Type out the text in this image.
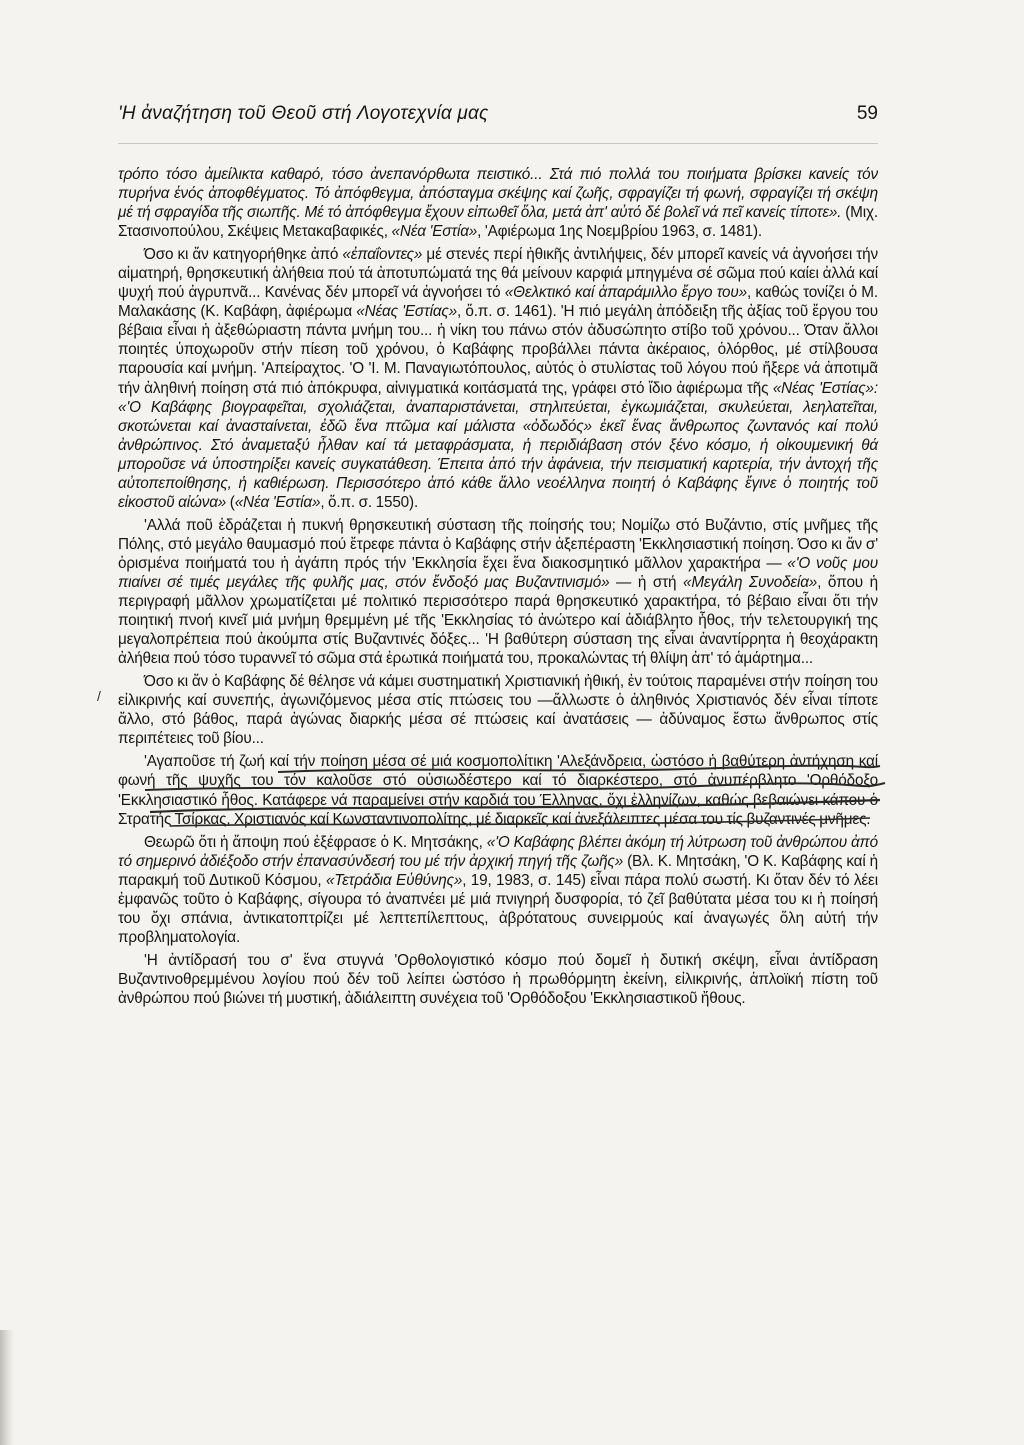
'Η ἀναζήτηση τοῦ Θεοῦ στή Λογοτεχνία μας	59
/

τρόπο τόσο ἀμείλικτα καθαρό, τόσο ἀνεπανόρθωτα πειστικό... Στά πιό πολλά του ποιήματα βρίσκει κανείς τόν πυρήνα ἑνός ἀποφθέγματος. Τό ἀπόφθεγμα, ἀπόσταγμα σκέψης καί ζωῆς, σφραγίζει τή φωνή, σφραγίζει τή σκέψη μέ τή σφραγίδα τῆς σιωπῆς. Μέ τό ἀπόφθεγμα ἔχουν εἰπωθεῖ ὅλα, μετά ἀπ' αὐτό δέ βολεῖ νά πεῖ κανείς τίποτε». (Μιχ. Στασινοπούλου, Σκέψεις Μετακαβαφικές, «Νέα 'Εστία», 'Αφιέρωμα 1ης Νοεμβρίου 1963, σ. 1481).

Όσο κι ἄν κατηγορήθηκε ἀπό «ἐπαΐοντες» μέ στενές περί ἠθικῆς ἀντιλήψεις, δέν μπορεῖ κανείς νά ἀγνοήσει τήν αἱματηρή, θρησκευτική ἀλήθεια πού τά ἀποτυπώματά της θά μείνουν καρφιά μπηγμένα σέ σῶμα πού καίει ἀλλά καί ψυχή πού ἀγρυπνᾶ... Κανένας δέν μπορεῖ νά ἀγνοήσει τό «Θελκτικό καί ἀπαράμιλλο ἔργο του», καθώς τονίζει ὁ Μ. Μαλακάσης (Κ. Καβάφη, ἀφιέρωμα «Νέας 'Εστίας», ὅ.π. σ. 1461). 'Η πιό μεγάλη ἀπόδειξη τῆς ἀξίας τοῦ ἔργου του βέβαια εἶναι ἡ ἀξεθώριαστη πάντα μνήμη του... ἡ νίκη του πάνω στόν ἀδυσώπητο στίβο τοῦ χρόνου... Όταν ἄλλοι ποιητές ὑποχωροῦν στήν πίεση τοῦ χρόνου, ὁ Καβάφης προβάλλει πάντα ἀκέραιος, ὁλόρθος, μέ στίλβουσα παρουσία καί μνήμη. 'Απείραχτος. 'Ο 'Ι. Μ. Παναγιωτόπουλος, αὐτός ὁ στυλίστας τοῦ λόγου πού ἤξερε νά ἀποτιμᾶ τήν ἀληθινή ποίηση στά πιό ἀπόκρυφα, αἰνιγματικά κοιτάσματά της, γράφει στό ἴδιο ἀφιέρωμα τῆς «Νέας 'Εστίας»: «'Ο Καβάφης βιογραφεῖται, σχολιάζεται, ἀναπαριστάνεται, στηλιτεύεται, ἐγκωμιάζεται, σκυλεύεται, λεηλατεῖται, σκοτώνεται καί ἀνασταίνεται, ἐδῶ ἕνα πτῶμα καί μάλιστα «ὀδωδός» ἐκεῖ ἕνας ἄνθρωπος ζωντανός καί πολύ ἀνθρώπινος. Στό ἀναμεταξύ ἦλθαν καί τά μεταφράσματα, ἡ περιδιάβαση στόν ξένο κόσμο, ἡ οἰκουμενική θά μποροῦσε νά ὑποστηρίξει κανείς συγκατάθεση. Έπειτα ἀπό τήν ἀφάνεια, τήν πεισματική καρτερία, τήν ἀντοχή τῆς αὐτοπεποίθησης, ἡ καθιέρωση. Περισσότερο ἀπό κάθε ἄλλο νεοέλληνα ποιητή ὁ Καβάφης ἔγινε ὁ ποιητής τοῦ εἰκοστοῦ αἰώνα» («Νέα 'Εστία», ὅ.π. σ. 1550).

'Αλλά ποῦ ἑδράζεται ἡ πυκνή θρησκευτική σύσταση τῆς ποίησής του; Νομίζω στό Βυζάντιο, στίς μνῆμες τῆς Πόλης, στό μεγάλο θαυμασμό πού ἔτρεφε πάντα ὁ Καβάφης στήν ἀξεπέραστη 'Εκκλησιαστική ποίηση. Όσο κι ἄν σ' ὁρισμένα ποιήματά του ἡ ἀγάπη πρός τήν 'Εκκλησία ἔχει ἕνα διακοσμητικό μᾶλλον χαρακτήρα — «'Ο νοῦς μου πιαίνει σέ τιμές μεγάλες τῆς φυλῆς μας, στόν ἔνδοξό μας Βυζαντινισμό» — ἡ στή «Μεγάλη Συνοδεία», ὅπου ἡ περιγραφή μᾶλλον χρωματίζεται μέ πολιτικό περισσότερο παρά θρησκευτικό χαρακτήρα, τό βέβαιο εἶναι ὅτι τήν ποιητική πνοή κινεῖ μιά μνήμη θρεμμένη μέ τῆς 'Εκκλησίας τό ἀνώτερο καί ἀδιάβλητο ἦθος, τήν τελετουργική της μεγαλοπρέπεια πού ἀκούμπα στίς Βυζαντινές δόξες... 'Η βαθύτερη σύσταση της εἶναι ἀναντίρρητα ἡ θεοχάρακτη ἀλήθεια πού τόσο τυραννεῖ τό σῶμα στά ἐρωτικά ποιήματά του, προκαλώντας τή θλίψη ἀπ' τό ἁμάρτημα...

Όσο κι ἄν ὁ Καβάφης δέ θέλησε νά κάμει συστηματική Χριστιανική ἠθική, ἐν τούτοις παραμένει στήν ποίηση του εἰλικρινής καί συνεπής, ἀγωνιζόμενος μέσα στίς πτώσεις του —ἄλλωστε ὁ ἀληθινός Χριστιανός δέν εἶναι τίποτε ἄλλο, στό βάθος, παρά ἀγώνας διαρκής μέσα σέ πτώσεις καί ἀνατάσεις — ἀδύναμος ἔστω ἄνθρωπος στίς περιπέτειες τοῦ βίου...

'Αγαποῦσε τή ζωή καί τήν ποίηση μέσα σέ μιά κοσμοπολίτικη 'Αλεξάνδρεια, ὡστόσο ἡ βαθύτερη ἀντήχηση καί φωνή τῆς ψυχῆς του τόν καλοῦσε στό οὐσιωδέστερο καί τό διαρκέστερο, στό ἀνυπέρβλητο 'Ορθόδοξο 'Εκκλησιαστικό ἦθος. Κατάφερε νά παραμείνει στήν καρδιά του Έλληνας, ὄχι ἑλληνίζων, καθώς βεβαιώνει κάπου ὁ Στρατής Τσίρκας, Χριστιανός καί Κωνσταντινοπολίτης, μέ διαρκεῖς καί ἀνεξάλειπτες μέσα του τίς βυζαντινές μνῆμες.

Θεωρῶ ὅτι ἡ ἄποψη πού ἐξέφρασε ὁ Κ. Μητσάκης, «'Ο Καβάφης βλέπει ἀκόμη τή λύτρωση τοῦ ἀνθρώπου ἀπό τό σημερινό ἀδιέξοδο στήν ἐπανασύνδεσή του μέ τήν ἀρχική πηγή τῆς ζωῆς» (Βλ. Κ. Μητσάκη, 'Ο Κ. Καβάφης καί ἡ παρακμή τοῦ Δυτικοῦ Κόσμου, «Τετράδια Εὐθύνης», 19, 1983, σ. 145) εἶναι πάρα πολύ σωστή. Κι ὅταν δέν τό λέει ἐμφανῶς τοῦτο ὁ Καβάφης, σίγουρα τό ἀναπνέει μέ μιά πνιγηρή δυσφορία, τό ζεῖ βαθύτατα μέσα του κι ἡ ποίησή του ὄχι σπάνια, ἀντικατοπτρίζει μέ λεπτεπίλεπτους, ἀβρότατους συνειρμούς καί ἀναγωγές ὅλη αὐτή τήν προβληματολογία.

'Η ἀντίδρασή του σ' ἕνα στυγνά 'Ορθολογιστικό κόσμο πού δομεῖ ἡ δυτική σκέψη, εἶναι ἀντίδραση Βυζαντινοθρεμμένου λογίου πού δέν τοῦ λείπει ὡστόσο ἡ πρωθόρμητη ἐκείνη, εἰλικρινής, ἁπλοϊκή πίστη τοῦ ἀνθρώπου πού βιώνει τή μυστική, ἀδιάλειπτη συνέχεια τοῦ 'Ορθόδοξου 'Εκκλησιαστικοῦ ἤθους.
